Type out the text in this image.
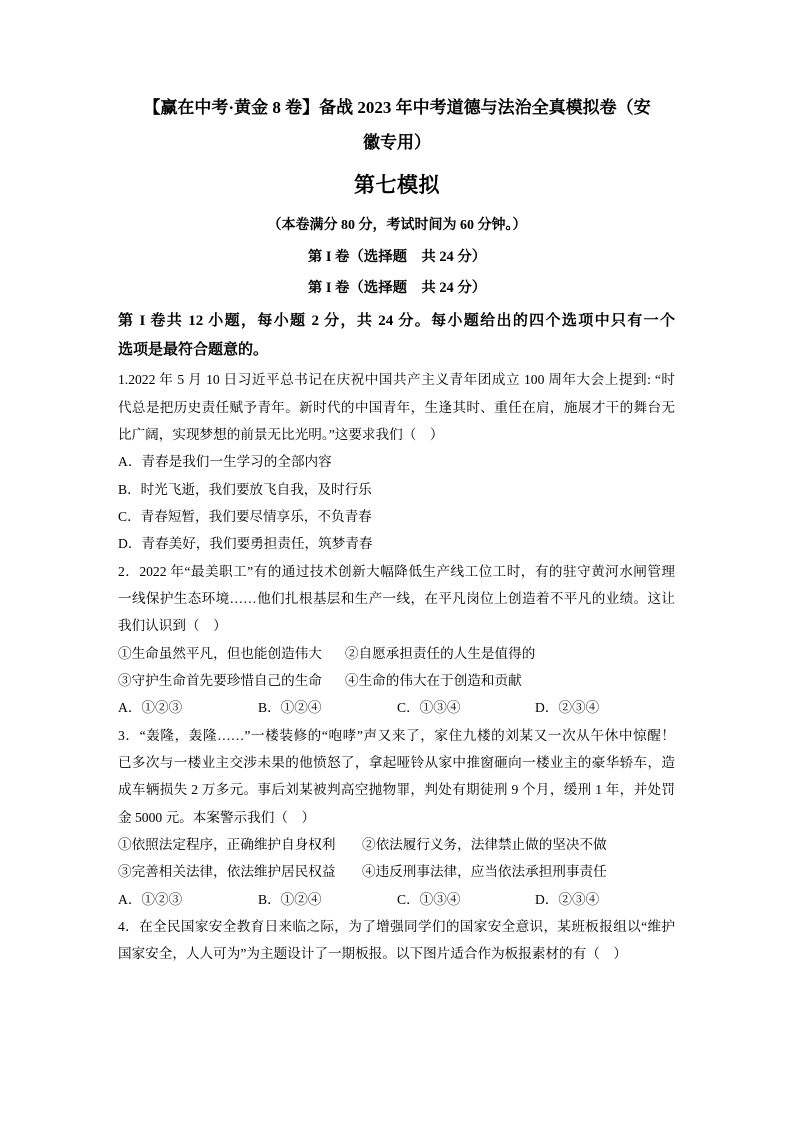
【赢在中考·黄金 8 卷】备战 2023 年中考道德与法治全真模拟卷（安
徽专用）
第七模拟
（本卷满分 80 分，考试时间为 60 分钟。）
第 I 卷（选择题　共 24 分）
第 I 卷（选择题　共 24 分）
第 I 卷共 12 小题，每小题 2 分，共 24 分。每小题给出的四个选项中只有一个
选项是最符合题意的。
1.2022 年 5 月 10 日习近平总书记在庆祝中国共产主义青年团成立 100 周年大会上提到: “时
代总是把历史责任赋予青年。新时代的中国青年，生逢其时、重任在肩，施展才干的舞台无
比广阔，实现梦想的前景无比光明。”这要求我们（　）
A．青春是我们一生学习的全部内容
B．时光飞逝，我们要放飞自我，及时行乐
C．青春短暂，我们要尽情享乐，不负青春
D．青春美好，我们要勇担责任，筑梦青春
2．2022 年“最美职工”有的通过技术创新大幅降低生产线工位工时，有的驻守黄河水闸管理
一线保护生态环境……他们扎根基层和生产一线，在平凡岗位上创造着不平凡的业绩。这让
我们认识到（　）
①生命虽然平凡，但也能创造伟大 ②自愿承担责任的人生是值得的
③守护生命首先要珍惜自己的生命 ④生命的伟大在于创造和贡献
A．①②③	B．①②④	C．①③④	D．②③④
3．“轰隆，轰隆……”一楼装修的“咆哮”声又来了，家住九楼的刘某又一次从午休中惊醒！
已多次与一楼业主交涉未果的他愤怒了，拿起哑铃从家中推窗砸向一楼业主的豪华轿车，造
成车辆损失 2 万多元。事后刘某被判高空抛物罪，判处有期徒刑 9 个月，缓刑 1 年，并处罚
金 5000 元。本案警示我们（　）
①依照法定程序，正确维护自身权利 ②依法履行义务，法律禁止做的坚决不做
③完善相关法律，依法维护居民权益 ④违反刑事法律，应当依法承担刑事责任
A．①②③	B．①②④	C．①③④	D．②③④
4．在全民国家安全教育日来临之际，为了增强同学们的国家安全意识，某班板报组以“维护
国家安全，人人可为”为主题设计了一期板报。以下图片适合作为板报素材的有（　）
